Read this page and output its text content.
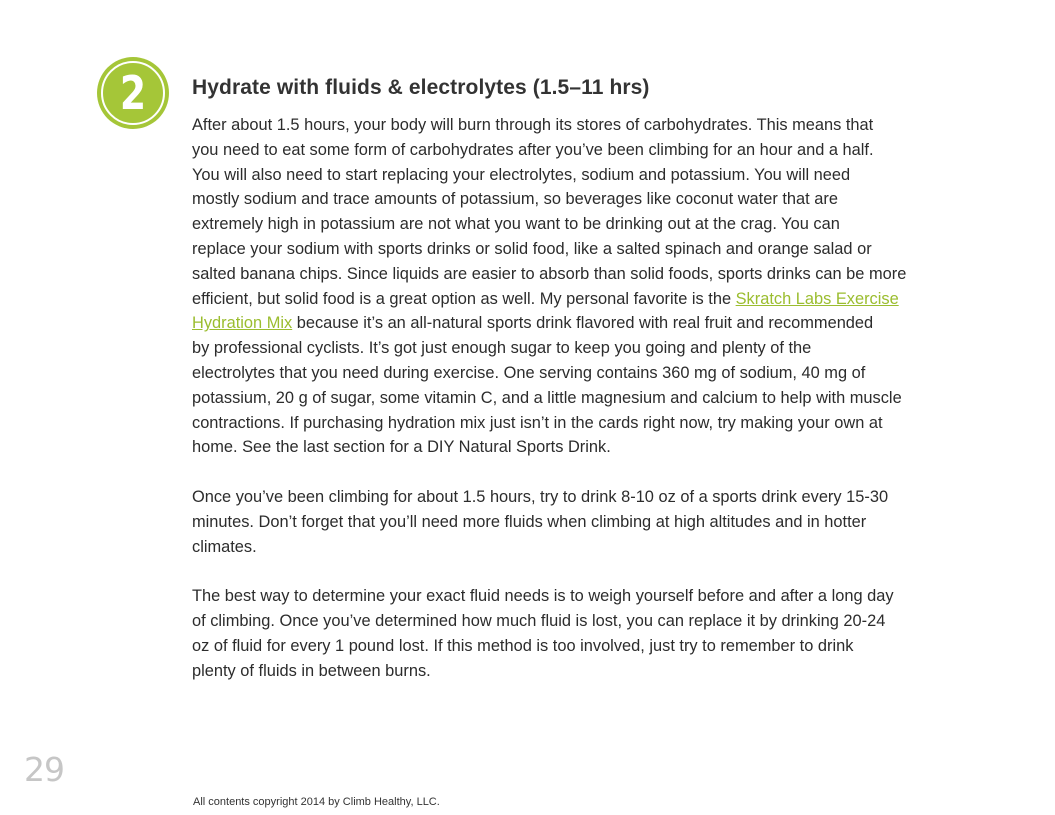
2 Hydrate with fluids & electrolytes (1.5–11 hrs)

After about 1.5 hours, your body will burn through its stores of carbohydrates. This means that
you need to eat some form of carbohydrates after you’ve been climbing for an hour and a half.
You will also need to start replacing your electrolytes, sodium and potassium. You will need
mostly sodium and trace amounts of potassium, so beverages like coconut water that are
extremely high in potassium are not what you want to be drinking out at the crag. You can
replace your sodium with sports drinks or solid food, like a salted spinach and orange salad or
salted banana chips. Since liquids are easier to absorb than solid foods, sports drinks can be more
efficient, but solid food is a great option as well. My personal favorite is the Skratch Labs Exercise
Hydration Mix because it’s an all-natural sports drink flavored with real fruit and recommended
by professional cyclists. It’s got just enough sugar to keep you going and plenty of the
electrolytes that you need during exercise. One serving contains 360 mg of sodium, 40 mg of
potassium, 20 g of sugar, some vitamin C, and a little magnesium and calcium to help with muscle
contractions. If purchasing hydration mix just isn’t in the cards right now, try making your own at
home. See the last section for a DIY Natural Sports Drink.

Once you’ve been climbing for about 1.5 hours, try to drink 8-10 oz of a sports drink every 15-30
minutes. Don’t forget that you’ll need more fluids when climbing at high altitudes and in hotter
climates.

The best way to determine your exact fluid needs is to weigh yourself before and after a long day
of climbing. Once you’ve determined how much fluid is lost, you can replace it by drinking 20-24
oz of fluid for every 1 pound lost. If this method is too involved, just try to remember to drink
plenty of fluids in between burns.

29
All contents copyright 2014 by Climb Healthy, LLC.
